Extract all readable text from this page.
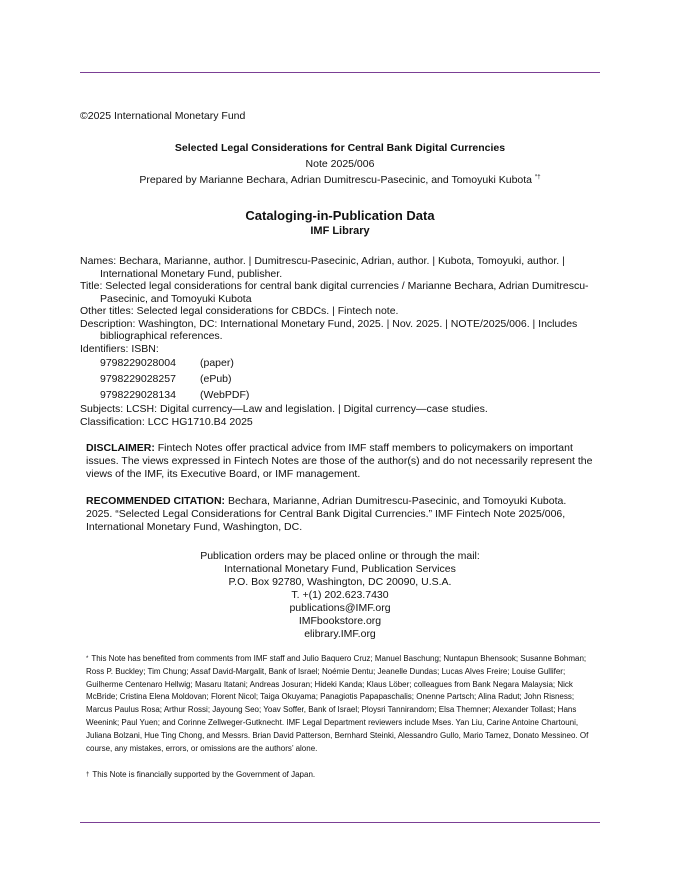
©2025 International Monetary Fund
Selected Legal Considerations for Central Bank Digital Currencies
Note 2025/006
Prepared by Marianne Bechara, Adrian Dumitrescu-Pasecinic, and Tomoyuki Kubota *†
Cataloging-in-Publication Data
IMF Library
Names: Bechara, Marianne, author. | Dumitrescu-Pasecinic, Adrian, author. | Kubota, Tomoyuki, author. | International Monetary Fund, publisher.
Title: Selected legal considerations for central bank digital currencies / Marianne Bechara, Adrian Dumitrescu-Pasecinic, and Tomoyuki Kubota
Other titles: Selected legal considerations for CBDCs. | Fintech note.
Description: Washington, DC: International Monetary Fund, 2025. | Nov. 2025. | NOTE/2025/006. | Includes bibliographical references.
Identifiers: ISBN:
9798229028004	(paper)
9798229028257	(ePub)
9798229028134	(WebPDF)
Subjects: LCSH: Digital currency—Law and legislation. | Digital currency—case studies.
Classification: LCC HG1710.B4 2025
DISCLAIMER: Fintech Notes offer practical advice from IMF staff members to policymakers on important issues. The views expressed in Fintech Notes are those of the author(s) and do not necessarily represent the views of the IMF, its Executive Board, or IMF management.
RECOMMENDED CITATION: Bechara, Marianne, Adrian Dumitrescu-Pasecinic, and Tomoyuki Kubota. 2025. “Selected Legal Considerations for Central Bank Digital Currencies.” IMF Fintech Note 2025/006, International Monetary Fund, Washington, DC.
Publication orders may be placed online or through the mail:
International Monetary Fund, Publication Services
P.O. Box 92780, Washington, DC 20090, U.S.A.
T. +(1) 202.623.7430
publications@IMF.org
IMFbookstore.org
elibrary.IMF.org
* This Note has benefited from comments from IMF staff and Julio Baquero Cruz; Manuel Baschung; Nuntapun Bhensook; Susanne Bohman; Ross P. Buckley; Tim Chung; Assaf David-Margalit, Bank of Israel; Noémie Dentu; Jeanelle Dundas; Lucas Alves Freire; Louise Gullifer; Guilherme Centenaro Hellwig; Masaru Itatani; Andreas Josuran; Hideki Kanda; Klaus Löber; colleagues from Bank Negara Malaysia; Nick McBride; Cristina Elena Moldovan; Florent Nicol; Taiga Okuyama; Panagiotis Papapaschalis; Onenne Partsch; Alina Radut; John Risness; Marcus Paulus Rosa; Arthur Rossi; Jayoung Seo; Yoav Soffer, Bank of Israel; Ploysri Tannirandorn; Elsa Themner; Alexander Tollast; Hans Weenink; Paul Yuen; and Corinne Zellweger-Gutknecht. IMF Legal Department reviewers include Mses. Yan Liu, Carine Antoine Chartouni, Juliana Bolzani, Hue Ting Chong, and Messrs. Brian David Patterson, Bernhard Steinki, Alessandro Gullo, Mario Tamez, Donato Messineo. Of course, any mistakes, errors, or omissions are the authors’ alone.
† This Note is financially supported by the Government of Japan.
